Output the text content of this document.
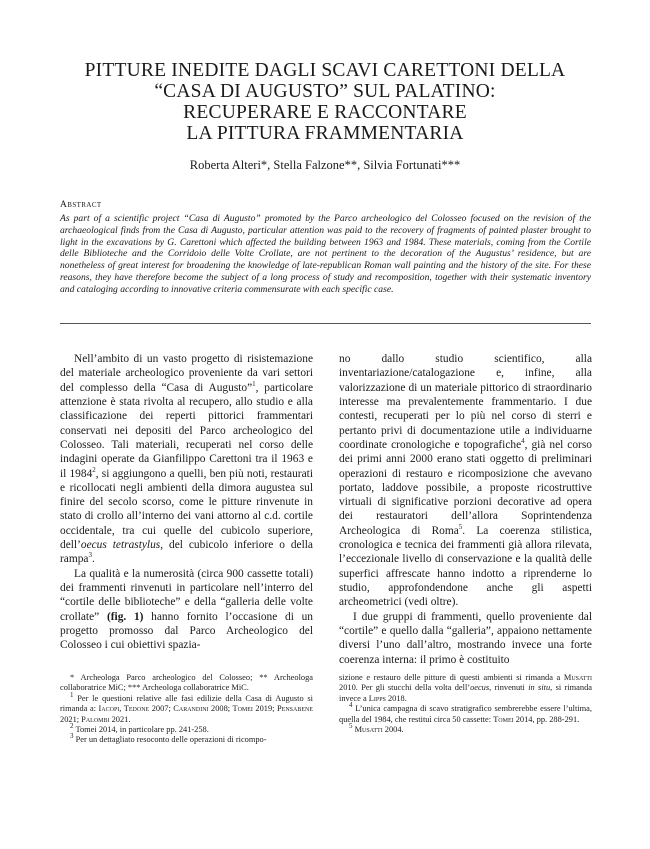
PITTURE INEDITE DAGLI SCAVI CARETTONI DELLA
“CASA DI AUGUSTO” SUL PALATINO:
RECUPERARE E RACCONTARE
LA PITTURA FRAMMENTARIA
Roberta Alteri*, Stella Falzone**, Silvia Fortunati***
Abstract
As part of a scientific project “Casa di Augusto” promoted by the Parco archeologico del Colosseo focused on the revision of the archaeological finds from the Casa di Augusto, particular attention was paid to the recovery of fragments of painted plaster brought to light in the excavations by G. Carettoni which affected the building between 1963 and 1984. These materials, coming from the Cortile delle Biblioteche and the Corridoio delle Volte Crollate, are not pertinent to the decoration of the Augustus’ residence, but are nonetheless of great interest for broadening the knowledge of late-republican Roman wall painting and the history of the site. For these reasons, they have therefore become the subject of a long process of study and recomposition, together with their systematic inventory and cataloging according to innovative criteria commensurate with each specific case.

Nell’ambito di un vasto progetto di risistemazione del materiale archeologico proveniente da vari settori del complesso della “Casa di Augusto”$^1$, particolare attenzione è stata rivolta al recupero, allo studio e alla classificazione dei reperti pittorici frammentari conservati nei depositi del Parco archeologico del Colosseo. Tali materiali, recuperati nel corso delle indagini operate da Gianfilippo Carettoni tra il 1963 e il 1984$^2$, si aggiungono a quelli, ben più noti, restaurati e ricollocati negli ambienti della dimora augustea sul finire del secolo scorso, come le pitture rinvenute in stato di crollo all’interno dei vani attorno al c.d. cortile occidentale, tra cui quelle del cubicolo superiore, dell’oecus tetrastylus, del cubicolo inferiore o della rampa$^3$.

La qualità e la numerosità (circa 900 cassette totali) dei frammenti rinvenuti in particolare nell’interro del “cortile delle biblioteche” e della “galleria delle volte crollate” (fig. 1) hanno fornito l’occasione di un progetto promosso dal Parco Archeologico del Colosseo i cui obiettivi spazia-

no dallo studio scientifico, alla inventariazione/catalogazione e, infine, alla valorizzazione di un materiale pittorico di straordinario interesse ma prevalentemente frammentario. I due contesti, recuperati per lo più nel corso di sterri e pertanto privi di documentazione utile a individuarne coordinate cronologiche e topografiche$^4$, già nel corso dei primi anni 2000 erano stati oggetto di preliminari operazioni di restauro e ricomposizione che avevano portato, laddove possibile, a proposte ricostruttive virtuali di significative porzioni decorative ad opera dei restauratori dell’allora Soprintendenza Archeologica di Roma$^5$. La coerenza stilistica, cronologica e tecnica dei frammenti già allora rilevata, l’eccezionale livello di conservazione e la qualità delle superfici affrescate hanno indotto a riprenderne lo studio, approfondendone anche gli aspetti archeometrici (vedi oltre).

I due gruppi di frammenti, quello proveniente dal “cortile” e quello dalla “galleria”, appaiono nettamente diversi l’uno dall’altro, mostrando invece una forte coerenza interna: il primo è costituito

* Archeologa Parco archeologico del Colosseo; ** Archeologa collaboratrice MiC; *** Archeologa collaboratrice MiC.

$^1$ Per le questioni relative alle fasi edilizie della Casa di Augusto si rimanda a: Iacopi, Tedone 2007; Carandini 2008; Tomei 2019; Pensabene 2021; Palombi 2021.

$^2$ Tomei 2014, in particolare pp. 241-258.

$^3$ Per un dettagliato resoconto delle operazioni di ricompo-

sizione e restauro delle pitture di questi ambienti si rimanda a Musatti 2010. Per gli stucchi della volta dell’oecus, rinvenuti in situ, si rimanda invece a Lipps 2018.

$^4$ L’unica campagna di scavo stratigrafico sembrerebbe essere l’ultima, quella del 1984, che restituì circa 50 cassette: Tomei 2014, pp. 288-291.

$^5$ Musatti 2004.
